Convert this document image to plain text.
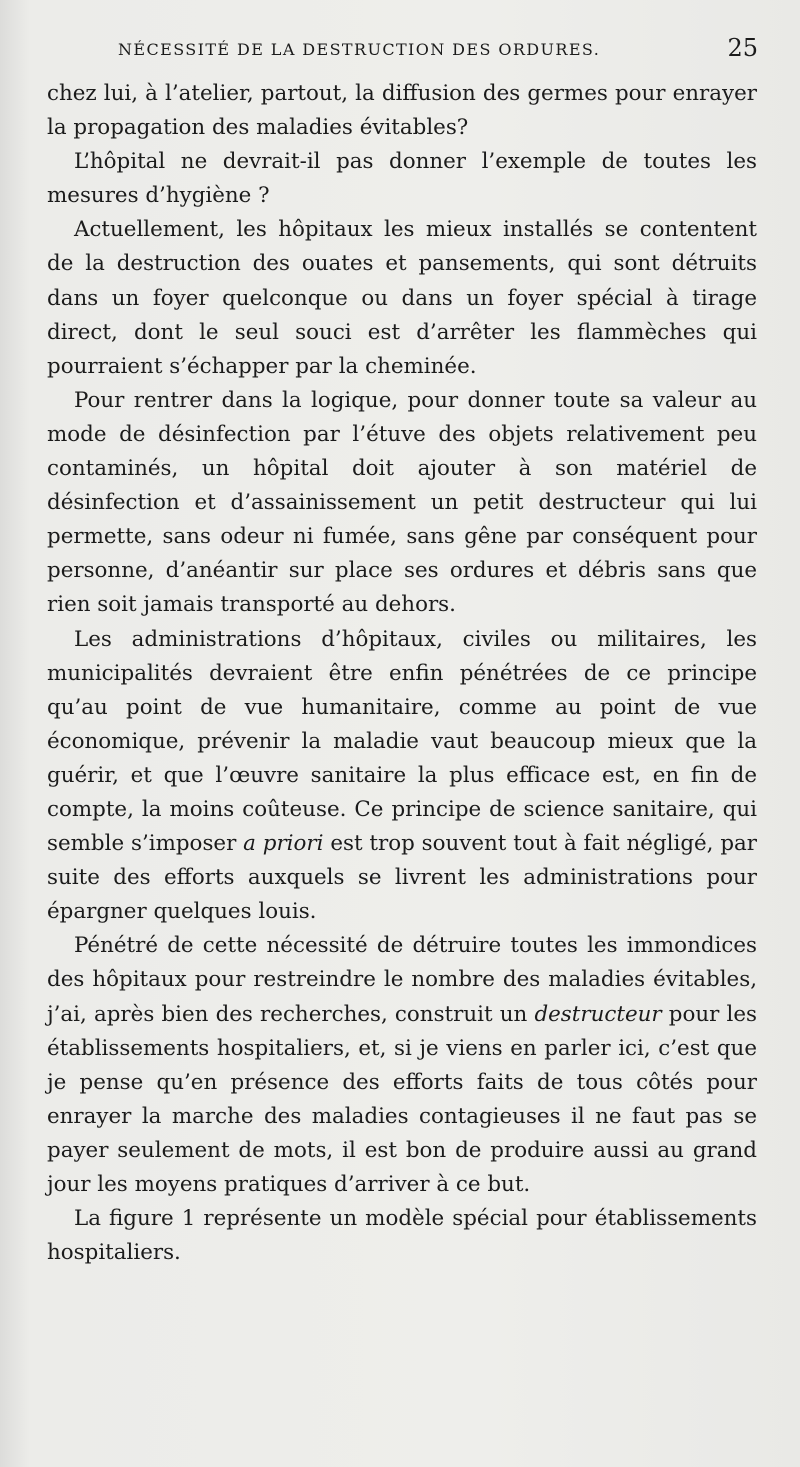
NÉCESSITÉ DE LA DESTRUCTION DES ORDURES.	25

chez lui, à l’atelier, partout, la diffusion des germes pour enrayer la propagation des maladies évitables?

L’hôpital ne devrait-il pas donner l’exemple de toutes les mesures d’hygiène ?

Actuellement, les hôpitaux les mieux installés se contentent de la destruction des ouates et pansements, qui sont détruits dans un foyer quelconque ou dans un foyer spécial à tirage direct, dont le seul souci est d’arrêter les flammèches qui pourraient s’échapper par la cheminée.

Pour rentrer dans la logique, pour donner toute sa valeur au mode de désinfection par l’étuve des objets relativement peu contaminés, un hôpital doit ajouter à son matériel de désinfection et d’assainissement un petit destructeur qui lui permette, sans odeur ni fumée, sans gêne par conséquent pour personne, d’anéantir sur place ses ordures et débris sans que rien soit jamais transporté au dehors.

Les administrations d’hôpitaux, civiles ou militaires, les municipalités devraient être enfin pénétrées de ce principe qu’au point de vue humanitaire, comme au point de vue économique, prévenir la maladie vaut beaucoup mieux que la guérir, et que l’œuvre sanitaire la plus efficace est, en fin de compte, la moins coûteuse. Ce principe de science sanitaire, qui semble s’imposer a priori est trop souvent tout à fait négligé, par suite des efforts auxquels se livrent les administrations pour épargner quelques louis.

Pénétré de cette nécessité de détruire toutes les immondices des hôpitaux pour restreindre le nombre des maladies évitables, j’ai, après bien des recherches, construit un destructeur pour les établissements hospitaliers, et, si je viens en parler ici, c’est que je pense qu’en présence des efforts faits de tous côtés pour enrayer la marche des maladies contagieuses il ne faut pas se payer seulement de mots, il est bon de produire aussi au grand jour les moyens pratiques d’arriver à ce but.

La figure 1 représente un modèle spécial pour établissements hospitaliers.
